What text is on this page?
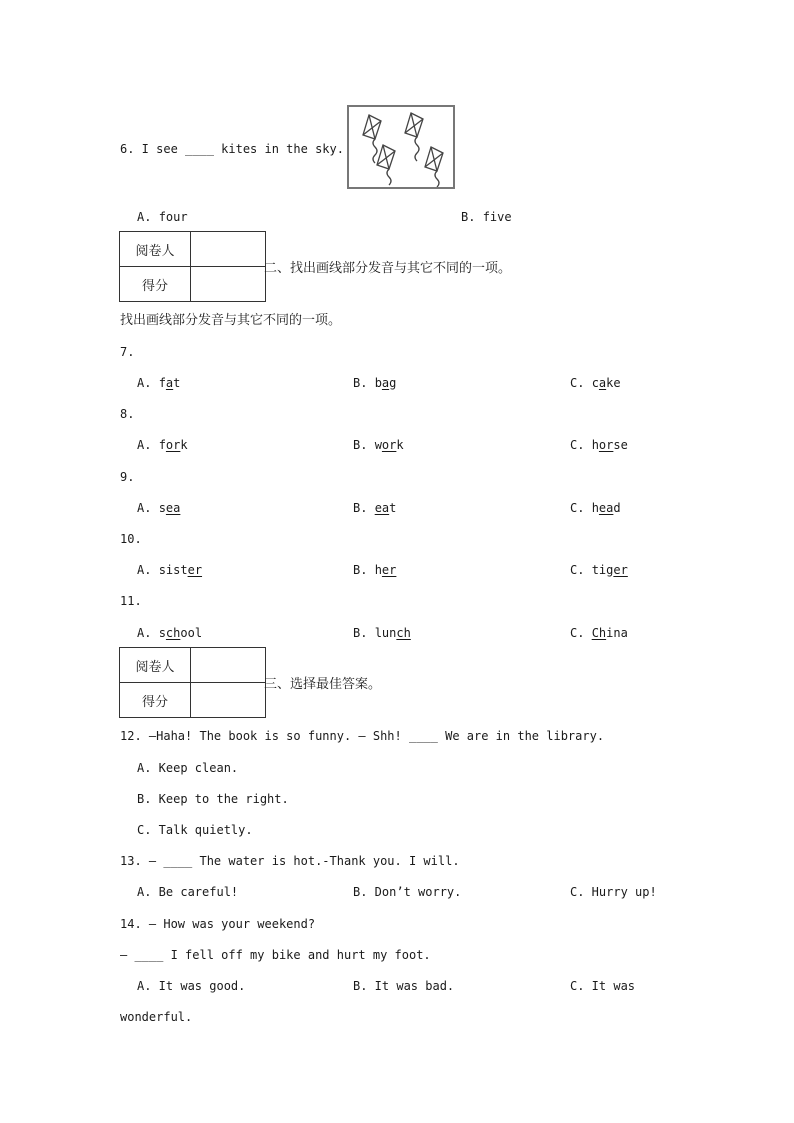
6. I see ____ kites in the sky.
A. four	B. five
阅卷人	
得分	
二、找出画线部分发音与其它不同的一项。
找出画线部分发音与其它不同的一项。
7.
A. fat	B. bag	C. cake
8.
A. fork	B. work	C. horse
9.
A. sea	B. eat	C. head
10.
A. sister	B. her	C. tiger
11.
A. school	B. lunch	C. China
阅卷人	
得分	
三、选择最佳答案。
12. —Haha! The book is so funny. — Shh! ____ We are in the library.
A. Keep clean.
B. Keep to the right.
C. Talk quietly.
13. — ____ The water is hot.-Thank you. I will.
A. Be careful!	B. Don’t worry.	C. Hurry up!
14. — How was your weekend?
— ____ I fell off my bike and hurt my foot.
A. It was good.	B. It was bad.	C. It was
wonderful.
